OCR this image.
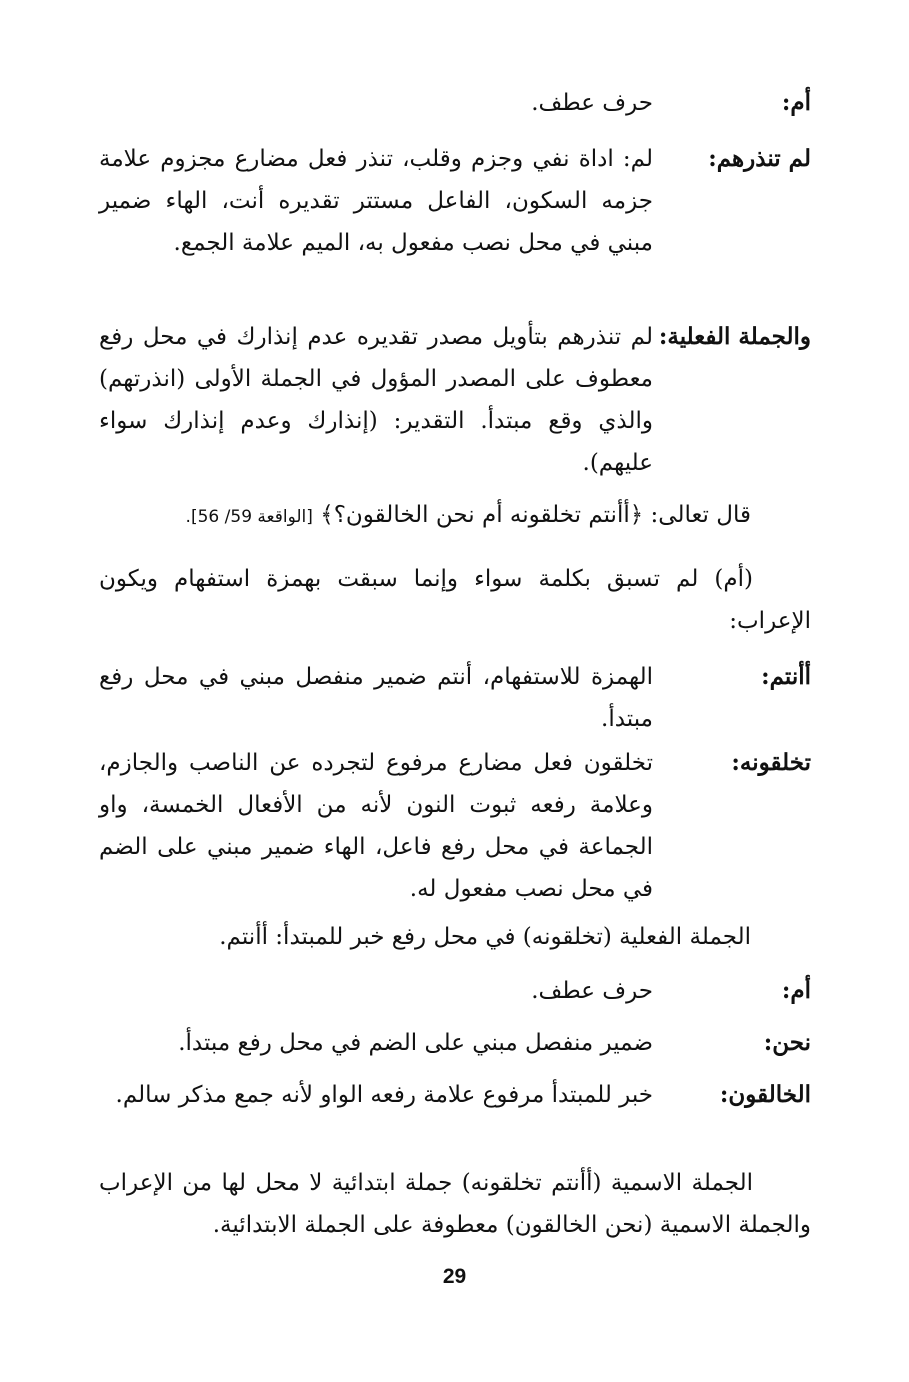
أم:
حرف عطف.
لم تنذرهم:
لم: اداة نفي وجزم وقلب، تنذر فعل مضارع مجزوم علامة جزمه السكون، الفاعل مستتر تقديره أنت، الهاء ضمير مبني في محل نصب مفعول به، الميم علامة الجمع.
والجملة الفعلية:
لم تنذرهم بتأويل مصدر تقديره عدم إنذارك في محل رفع معطوف على المصدر المؤول في الجملة الأولى (انذرتهم) والذي وقع مبتدأ. التقدير: (إنذارك وعدم إنذارك سواء عليهم).
قال تعالى: ﴿أأنتم تخلقونه أم نحن الخالقون؟﴾ [الواقعة 59/ 56].
(أم) لم تسبق بكلمة سواء وإنما سبقت بهمزة استفهام ويكون الإعراب:
أأنتم:
الهمزة للاستفهام، أنتم ضمير منفصل مبني في محل رفع مبتدأ.
تخلقونه:
تخلقون فعل مضارع مرفوع لتجرده عن الناصب والجازم، وعلامة رفعه ثبوت النون لأنه من الأفعال الخمسة، واو الجماعة في محل رفع فاعل، الهاء ضمير مبني على الضم في محل نصب مفعول له.
الجملة الفعلية (تخلقونه) في محل رفع خبر للمبتدأ: أأنتم.
أم:
حرف عطف.
نحن:
ضمير منفصل مبني على الضم في محل رفع مبتدأ.
الخالقون:
خبر للمبتدأ مرفوع علامة رفعه الواو لأنه جمع مذكر سالم.
الجملة الاسمية (أأنتم تخلقونه) جملة ابتدائية لا محل لها من الإعراب والجملة الاسمية (نحن الخالقون) معطوفة على الجملة الابتدائية.
29
